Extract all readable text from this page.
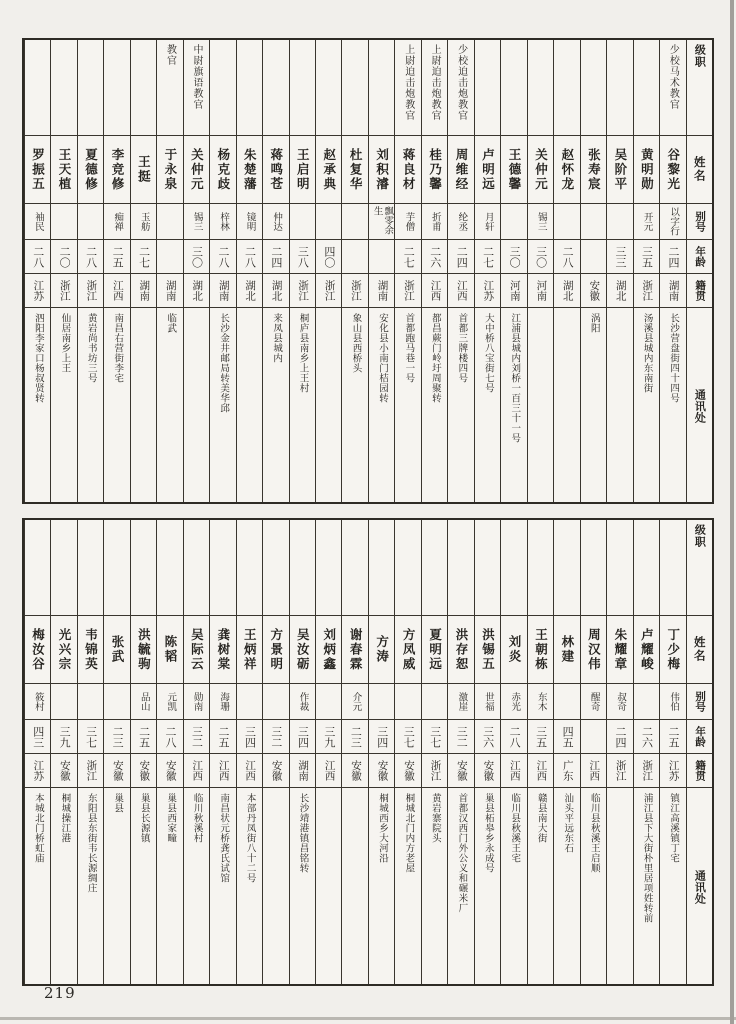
级职
姓名
别号
年龄
籍贯
通讯处
少校马术教官
谷黎光
以字行
二四
湖南
长沙营盘街四十四号
黄明勋
开元
三五
浙江
汤溪县城内东南街
吴阶平
三三
湖北
张寿宸
安徽
涡阳
赵怀龙
二八
湖北
关仲元
锡三
三〇
河南
王德馨
三〇
河南
江浦县城内刘桥一百三十一号
卢明远
月轩
二七
江苏
大中桥八宝街七号
少校迫击炮教官
周维经
纶丞
二四
江西
首都三牌楼四号
上尉迫击炮教官
桂乃馨
折甫
二六
江西
都昌蕨门岭圩周聚转
上尉迫击炮教官
蒋良材
芋僧
二七
浙江
首都跑马巷一号
刘积濬
飘零余生
湖南
安化县小南门桔园转
杜复华
浙江
象山县西桥头
赵承典
四〇
浙江
王启明
三八
浙江
桐庐县南乡上王村
蒋鸣苍
仲达
二四
湖北
来凤县城内
朱楚藩
镜明
二八
湖北
杨克歧
梓林
二八
湖南
长沙金井邮局转美华邱
中尉旗语教官
关仲元
锡三
三〇
湖北
教官
于永泉
湖南
临武
王挺
玉舫
二七
湖南
李竞修
痴禅
二五
江西
南昌右营街李宅
夏德修
二八
浙江
黄岩尚书坊三号
王天植
二〇
浙江
仙居南乡上王
罗振五
袖民
二八
江苏
泗阳李家口杨叔贤转
级职
姓名
别号
年龄
籍贯
通讯处
丁少梅
伟伯
二五
江苏
镇江高溪镇丁宅
卢耀峻
二六
浙江
浦江县下大街朴里居项姓转前
朱耀章
叔奇
二四
浙江
周汉伟
醒奇
江西
临川县秋溪王启顺
林建
四五
广东
汕头平远东石
王朝栋
东木
三五
江西
赣县南大街
刘炎
赤光
二八
江西
临川县秋溪王宅
洪锡五
世福
三六
安徽
巢县柘皋乡永成号
洪存恕
激崖
三二
安徽
首都汉西门外公义和碾米厂
夏明远
三七
浙江
黄岩寨院头
方凤威
三七
安徽
桐城北门内方老屋
方涛
三四
安徽
桐城西乡大河沿
谢春霖
介元
二三
安徽
刘炳鑫
三九
江西
吴汝砺
作裁
三四
湖南
长沙靖港镇昌铭转
方景明
三二
安徽
王炳祥
三四
江西
本部丹凤街八十二号
龚树棠
海珊
二五
江西
南昌状元桥龚氏试馆
吴际云
勋南
三二
江西
临川秋溪村
陈韬
元凯
二八
安徽
巢县西家疃
洪毓驹
品山
二五
安徽
巢县长源镇
张武
二三
安徽
巢县
韦锦英
三七
浙江
东阳县东街韦长源绸庄
光兴宗
三九
安徽
桐城操江港
梅汝谷
筱村
四三
江苏
本城北门桥虹庙
219
